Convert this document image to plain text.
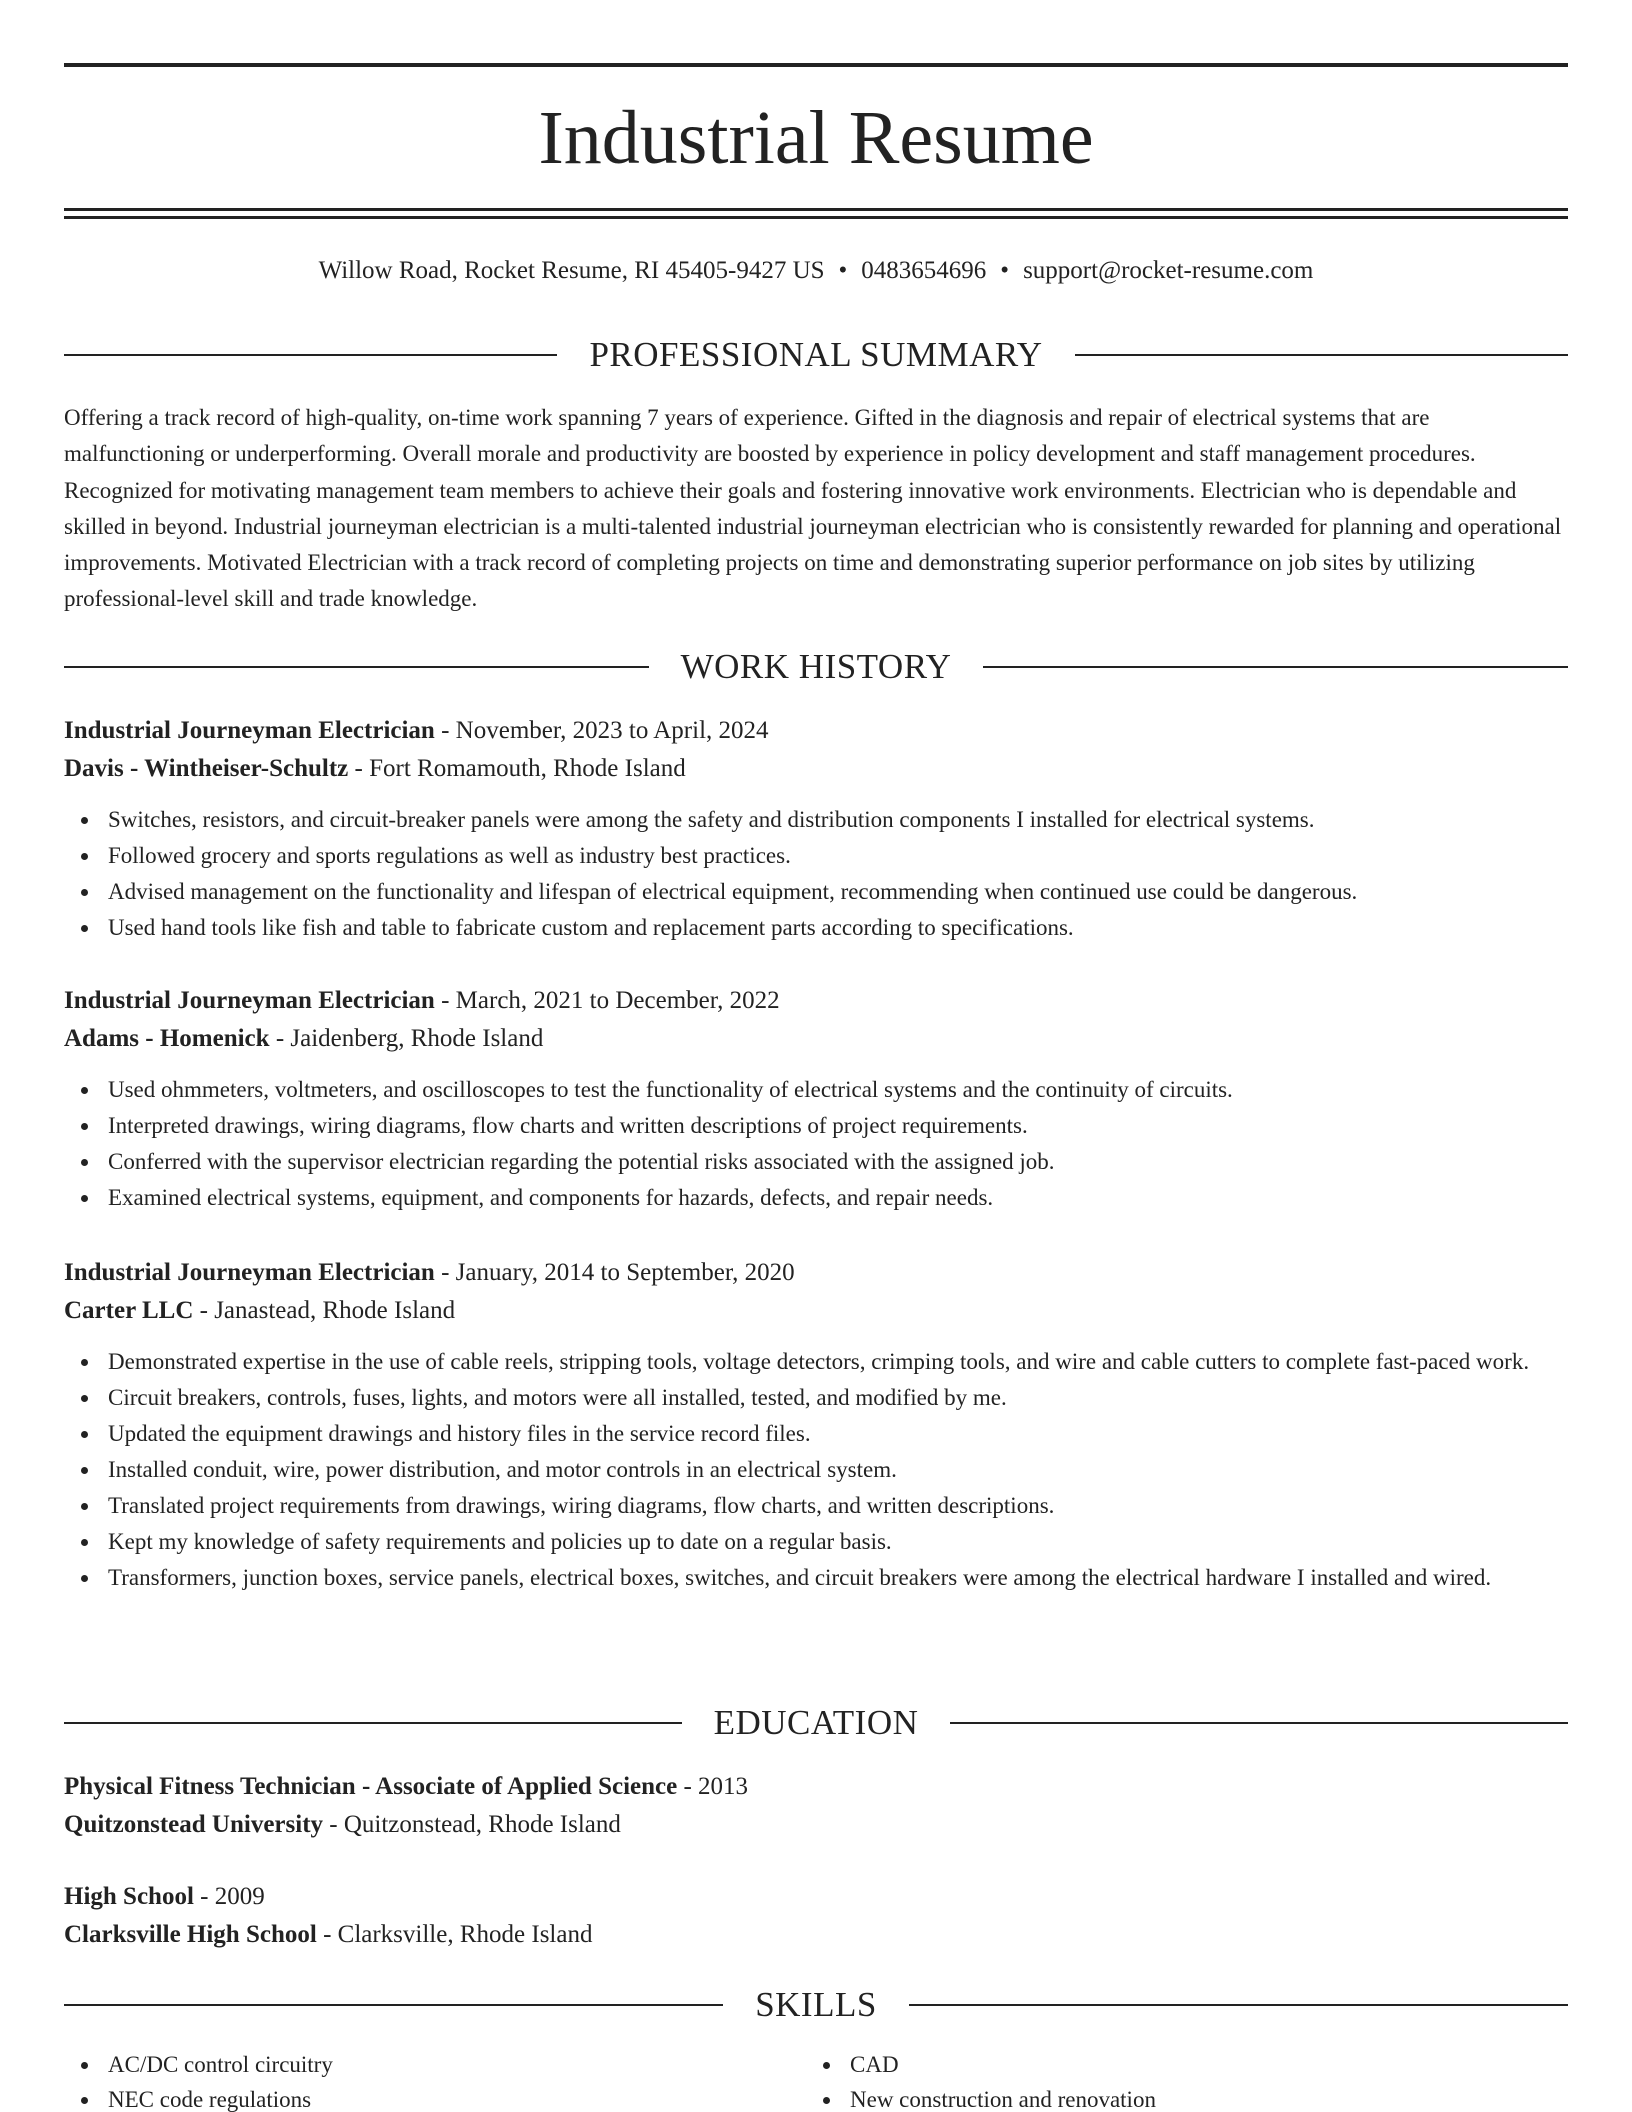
Industrial Resume
Willow Road, Rocket Resume, RI 45405-9427 US • 0483654696 • support@rocket-resume.com
PROFESSIONAL SUMMARY

Offering a track record of high-quality, on-time work spanning 7 years of experience. Gifted in the diagnosis and repair of electrical systems that are malfunctioning or underperforming. Overall morale and productivity are boosted by experience in policy development and staff management procedures. Recognized for motivating management team members to achieve their goals and fostering innovative work environments. Electrician who is dependable and skilled in beyond. Industrial journeyman electrician is a multi-talented industrial journeyman electrician who is consistently rewarded for planning and operational improvements. Motivated Electrician with a track record of completing projects on time and demonstrating superior performance on job sites by utilizing professional-level skill and trade knowledge.

WORK HISTORY
Industrial Journeyman Electrician - November, 2023 to April, 2024
Davis - Wintheiser-Schultz - Fort Romamouth, Rhode Island
Switches, resistors, and circuit-breaker panels were among the safety and distribution components I installed for electrical systems.
Followed grocery and sports regulations as well as industry best practices.
Advised management on the functionality and lifespan of electrical equipment, recommending when continued use could be dangerous.
Used hand tools like fish and table to fabricate custom and replacement parts according to specifications.
Industrial Journeyman Electrician - March, 2021 to December, 2022
Adams - Homenick - Jaidenberg, Rhode Island
Used ohmmeters, voltmeters, and oscilloscopes to test the functionality of electrical systems and the continuity of circuits.
Interpreted drawings, wiring diagrams, flow charts and written descriptions of project requirements.
Conferred with the supervisor electrician regarding the potential risks associated with the assigned job.
Examined electrical systems, equipment, and components for hazards, defects, and repair needs.
Industrial Journeyman Electrician - January, 2014 to September, 2020
Carter LLC - Janastead, Rhode Island
Demonstrated expertise in the use of cable reels, stripping tools, voltage detectors, crimping tools, and wire and cable cutters to complete fast-paced work.
Circuit breakers, controls, fuses, lights, and motors were all installed, tested, and modified by me.
Updated the equipment drawings and history files in the service record files.
Installed conduit, wire, power distribution, and motor controls in an electrical system.
Translated project requirements from drawings, wiring diagrams, flow charts, and written descriptions.
Kept my knowledge of safety requirements and policies up to date on a regular basis.
Transformers, junction boxes, service panels, electrical boxes, switches, and circuit breakers were among the electrical hardware I installed and wired.
EDUCATION
Physical Fitness Technician - Associate of Applied Science - 2013
Quitzonstead University - Quitzonstead, Rhode Island
High School - 2009
Clarksville High School - Clarksville, Rhode Island
SKILLS
AC/DC control circuitry
NEC code regulations
CAD
New construction and renovation
